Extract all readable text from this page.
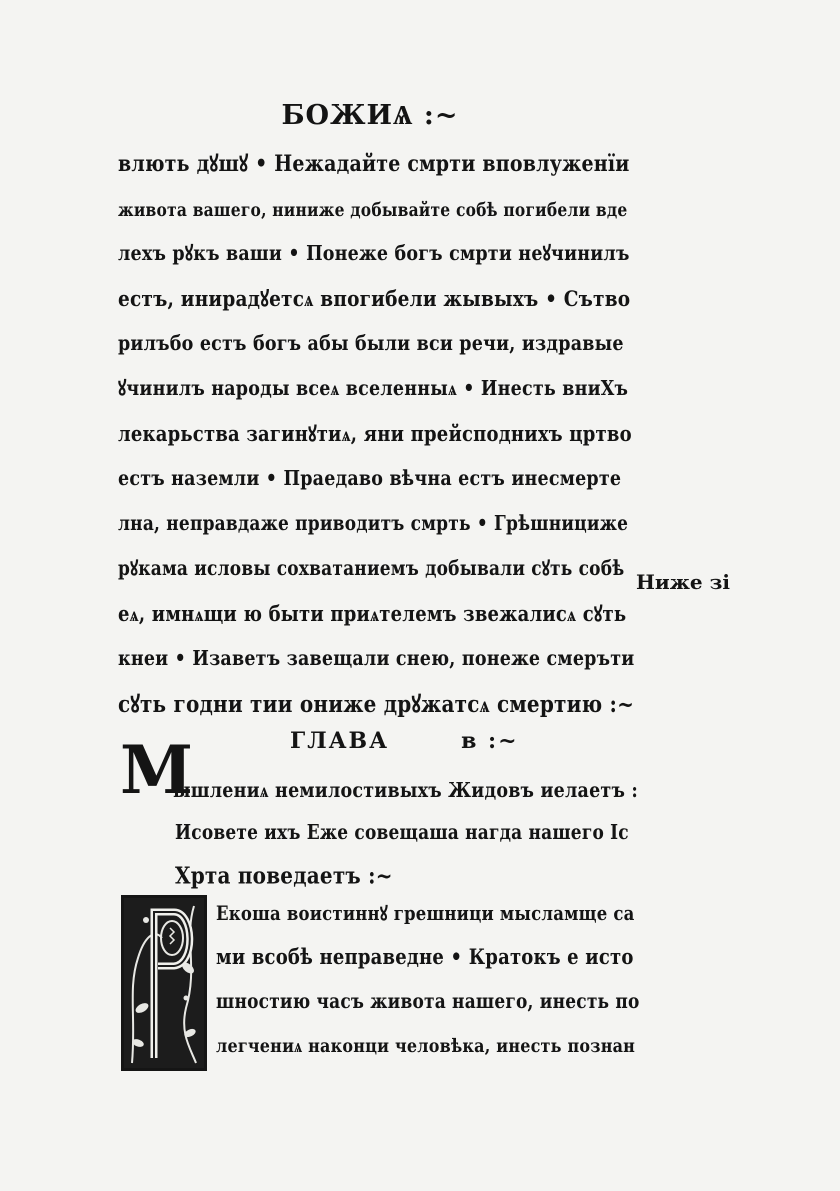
БОЖИѦ :~
влють дꙋшꙋ • Нежадайте смрти вповлуженїи
живота вашего, ниниже добывайте собѣ погибели вде
лехъ рꙋкъ ваши • Понеже богъ смрти неꙋчинилъ
естъ, инирадꙋетсѧ впогибели жывыхъ • Сътво
рилъбо естъ богъ абы были вси речи, издравые
ꙋчинилъ народы всеѧ вселенныѧ • Инесть вниХъ
лекарьства загинꙋтиѧ, яни прейсподнихъ цртво
естъ наземли • Праедаво вѣчна естъ инесмерте
лна, неправдаже приводитъ смрть • Грѣшнициже
рꙋкама исловы сохватаниемъ добывали сꙋть собѣ
еѧ, имнѧщи ю быти приѧтелемъ звежалисѧ сꙋть
кнеи • Изаветъ завещали снею, понеже смеръти
сꙋть годни тии ониже дрꙋжатсѧ смертию :~
Ниже зі
ГЛАВА	в :~
М
ышлениѧ немилостивыхъ Жидовъ иелаетъ :
Исовете ихъ Еже совещаша нагда нашего Іс
Хрта поведаетъ :~
Екоша воистиннꙋ грешници мысламще са
ми всобѣ неправедне • Кратокъ е исто
шностию часъ живота нашего, инесть по
легчениѧ наконци человѣка, инесть познан
